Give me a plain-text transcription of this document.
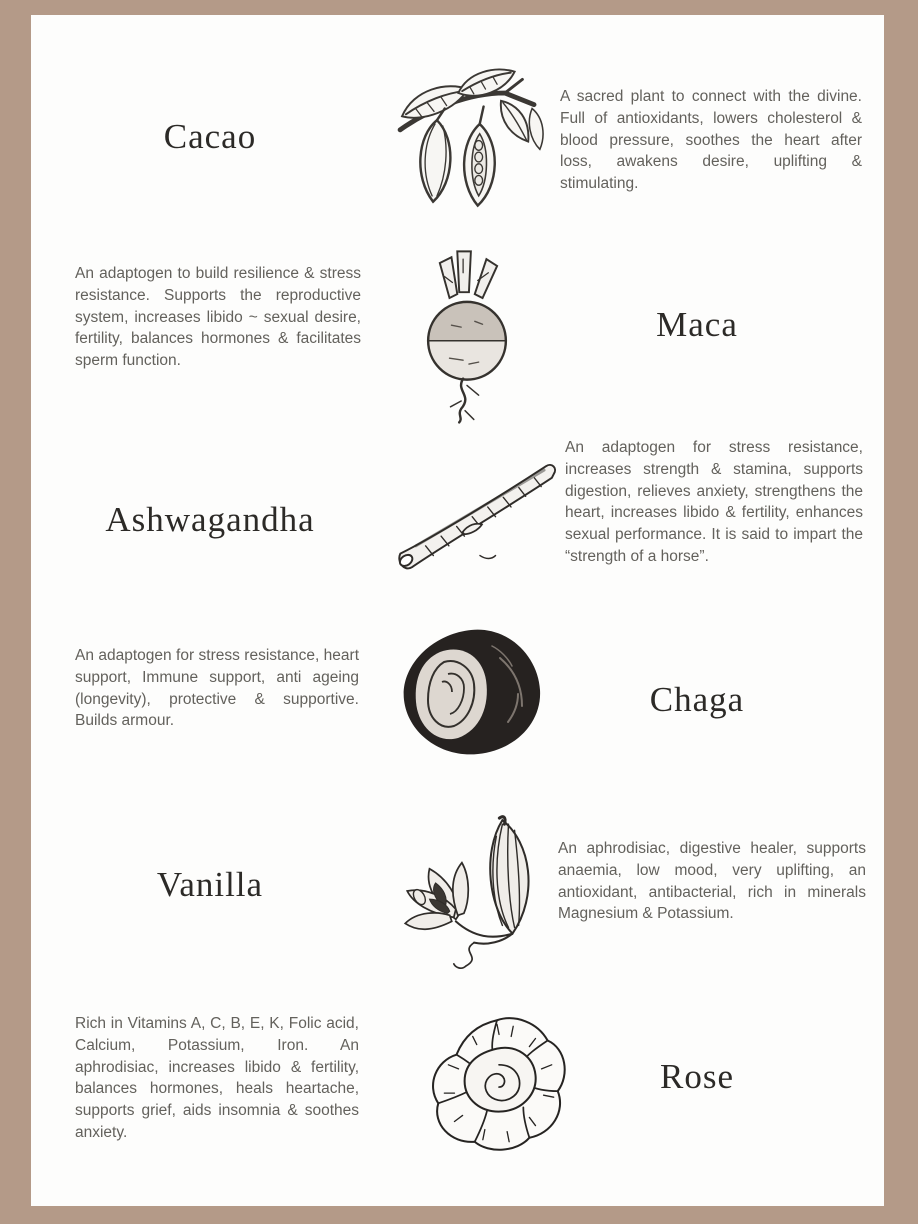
Cacao
A sacred plant to connect with the divine. Full of antioxidants, lowers cholesterol & blood pressure, soothes the heart after loss, awakens desire, uplifting & stimulating.
An adaptogen to build resilience & stress resistance. Supports the reproductive system, increases libido ~ sexual desire, fertility, balances hormones & facilitates sperm function.
Maca
Ashwagandha
An adaptogen for stress resistance, increases strength & stamina, supports digestion, relieves anxiety, strengthens the heart, increases libido & fertility, enhances sexual performance. It is said to impart the “strength of a horse”.
An adaptogen for stress resistance, heart support, Immune support, anti ageing (longevity), protective & supportive. Builds armour.
Chaga
Vanilla
An aphrodisiac, digestive healer, supports anaemia, low mood, very uplifting, an antioxidant, antibacterial, rich in minerals Magnesium & Potassium.
Rich in Vitamins A, C, B, E, K, Folic acid, Calcium, Potassium, Iron. An aphrodisiac, increases libido & fertility, balances hormones, heals heartache, supports grief, aids insomnia & soothes anxiety.
Rose
